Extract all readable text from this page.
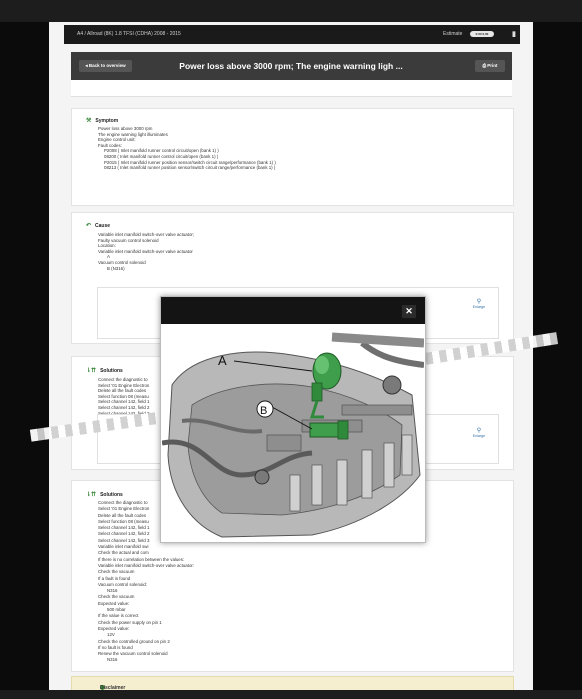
A4 / Allroad (8K) 1.8 TFSI (CDHA) 2008 - 2015	Estimate	0:00 0,00	▮
◂ Back to overview	Power loss above 3000 rpm; The engine warning ligh ...	⎙ Print
⚒ Symptom
Power loss above 3000 rpm
The engine warning light illuminates
Engine control unit:
Fault codes:
P2008 ( Inlet manifold runner control circuit/open (bank 1) )
08200 ( Inlet manifold runner control circuit/open (bank 1) )
P2015 ( Inlet manifold runner position sensor/switch circuit range/performance (bank 1) )
08213 ( Inlet manifold runner position sensor/switch circuit range/performance (bank 1) )
↶ Cause
Variable inlet manifold switch-over valve actuator;
Faulty vacuum control solenoid
Location:
Variable inlet manifold switch-over valve actuator
A
Vacuum control solenoid
B (N316)
⚲
Enlarge
⇂⇈ Solutions
Connect the diagnostic to
Select '01 Engine Electron
Delete all the fault codes
Select function 08 (measu
Select channel 142, field 1
Select channel 142, field 2
⚲
Enlarge
⇂⇈ Solutions
Connect the diagnostic to
Select '01 Engine Electron
Delete all the fault codes
Select function 08 (measu
Select channel 142, field 1
Select channel 142, field 2
Select channel 142, field 3
Variable inlet manifold swi
Check the actual and com
If there is no correlation between the values:
Variable inlet manifold switch-over valve actuator:
Check the vacuum
If a fault is found
Vacuum control solenoid:
N316
Check the vacuum
Expected value:
500 mbar
If the value is correct
Check the power supply on pin 1
Expected value:
12V
Check the controlled ground on pin 2
If no fault is found
Renew the vacuum control solenoid
N316
Disclaimer
✕
A
B
